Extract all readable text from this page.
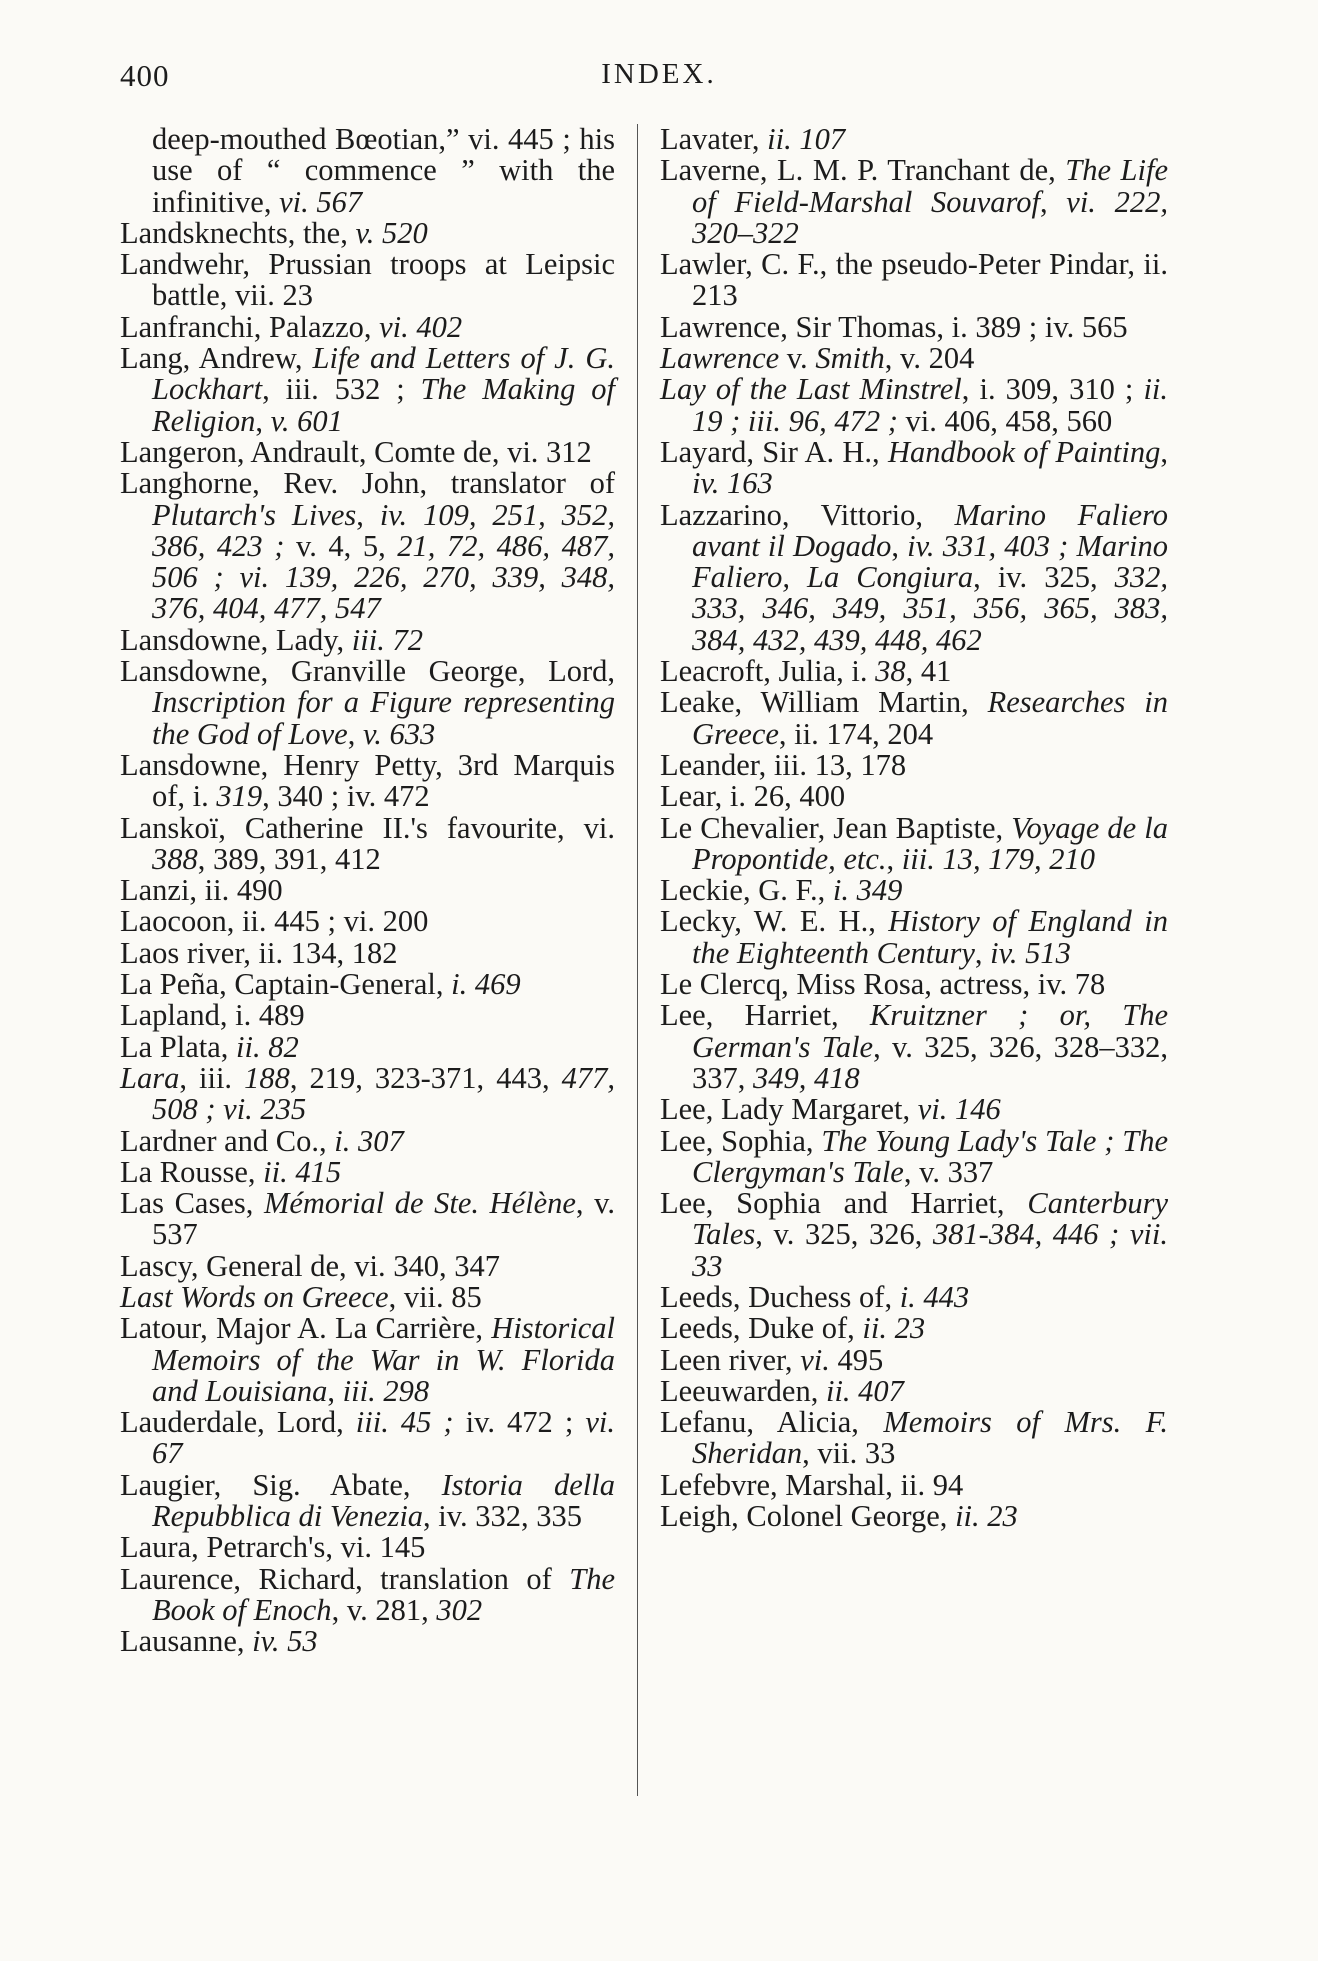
400	INDEX.
deep-mouthed Bœotian,” vi. 445 ; his use of “ commence ” with the infinitive, vi. 567
Landsknechts, the, v. 520
Landwehr, Prussian troops at Leipsic battle, vii. 23
Lanfranchi, Palazzo, vi. 402
Lang, Andrew, Life and Letters of J. G. Lockhart, iii. 532 ; The Making of Religion, v. 601
Langeron, Andrault, Comte de, vi. 312
Langhorne, Rev. John, translator of Plutarch's Lives, iv. 109, 251, 352, 386, 423 ; v. 4, 5, 21, 72, 486, 487, 506 ; vi. 139, 226, 270, 339, 348, 376, 404, 477, 547
Lansdowne, Lady, iii. 72
Lansdowne, Granville George, Lord, Inscription for a Figure representing the God of Love, v. 633
Lansdowne, Henry Petty, 3rd Marquis of, i. 319, 340 ; iv. 472
Lanskoï, Catherine II.'s favourite, vi. 388, 389, 391, 412
Lanzi, ii. 490
Laocoon, ii. 445 ; vi. 200
Laos river, ii. 134, 182
La Peña, Captain-General, i. 469
Lapland, i. 489
La Plata, ii. 82
Lara, iii. 188, 219, 323-371, 443, 477, 508 ; vi. 235
Lardner and Co., i. 307
La Rousse, ii. 415
Las Cases, Mémorial de Ste. Hélène, v. 537
Lascy, General de, vi. 340, 347
Last Words on Greece, vii. 85
Latour, Major A. La Carrière, Historical Memoirs of the War in W. Florida and Louisiana, iii. 298
Lauderdale, Lord, iii. 45 ; iv. 472 ; vi. 67
Laugier, Sig. Abate, Istoria della Repubblica di Venezia, iv. 332, 335
Laura, Petrarch's, vi. 145
Laurence, Richard, translation of The Book of Enoch, v. 281, 302
Lausanne, iv. 53
Lavater, ii. 107
Laverne, L. M. P. Tranchant de, The Life of Field-Marshal Souvarof, vi. 222, 320–322
Lawler, C. F., the pseudo-Peter Pindar, ii. 213
Lawrence, Sir Thomas, i. 389 ; iv. 565
Lawrence v. Smith, v. 204
Lay of the Last Minstrel, i. 309, 310 ; ii. 19 ; iii. 96, 472 ; vi. 406, 458, 560
Layard, Sir A. H., Handbook of Painting, iv. 163
Lazzarino, Vittorio, Marino Faliero avant il Dogado, iv. 331, 403 ; Marino Faliero, La Congiura, iv. 325, 332, 333, 346, 349, 351, 356, 365, 383, 384, 432, 439, 448, 462
Leacroft, Julia, i. 38, 41
Leake, William Martin, Researches in Greece, ii. 174, 204
Leander, iii. 13, 178
Lear, i. 26, 400
Le Chevalier, Jean Baptiste, Voyage de la Propontide, etc., iii. 13, 179, 210
Leckie, G. F., i. 349
Lecky, W. E. H., History of England in the Eighteenth Century, iv. 513
Le Clercq, Miss Rosa, actress, iv. 78
Lee, Harriet, Kruitzner ; or, The German's Tale, v. 325, 326, 328–332, 337, 349, 418
Lee, Lady Margaret, vi. 146
Lee, Sophia, The Young Lady's Tale ; The Clergyman's Tale, v. 337
Lee, Sophia and Harriet, Canterbury Tales, v. 325, 326, 381-384, 446 ; vii. 33
Leeds, Duchess of, i. 443
Leeds, Duke of, ii. 23
Leen river, vi. 495
Leeuwarden, ii. 407
Lefanu, Alicia, Memoirs of Mrs. F. Sheridan, vii. 33
Lefebvre, Marshal, ii. 94
Leigh, Colonel George, ii. 23
